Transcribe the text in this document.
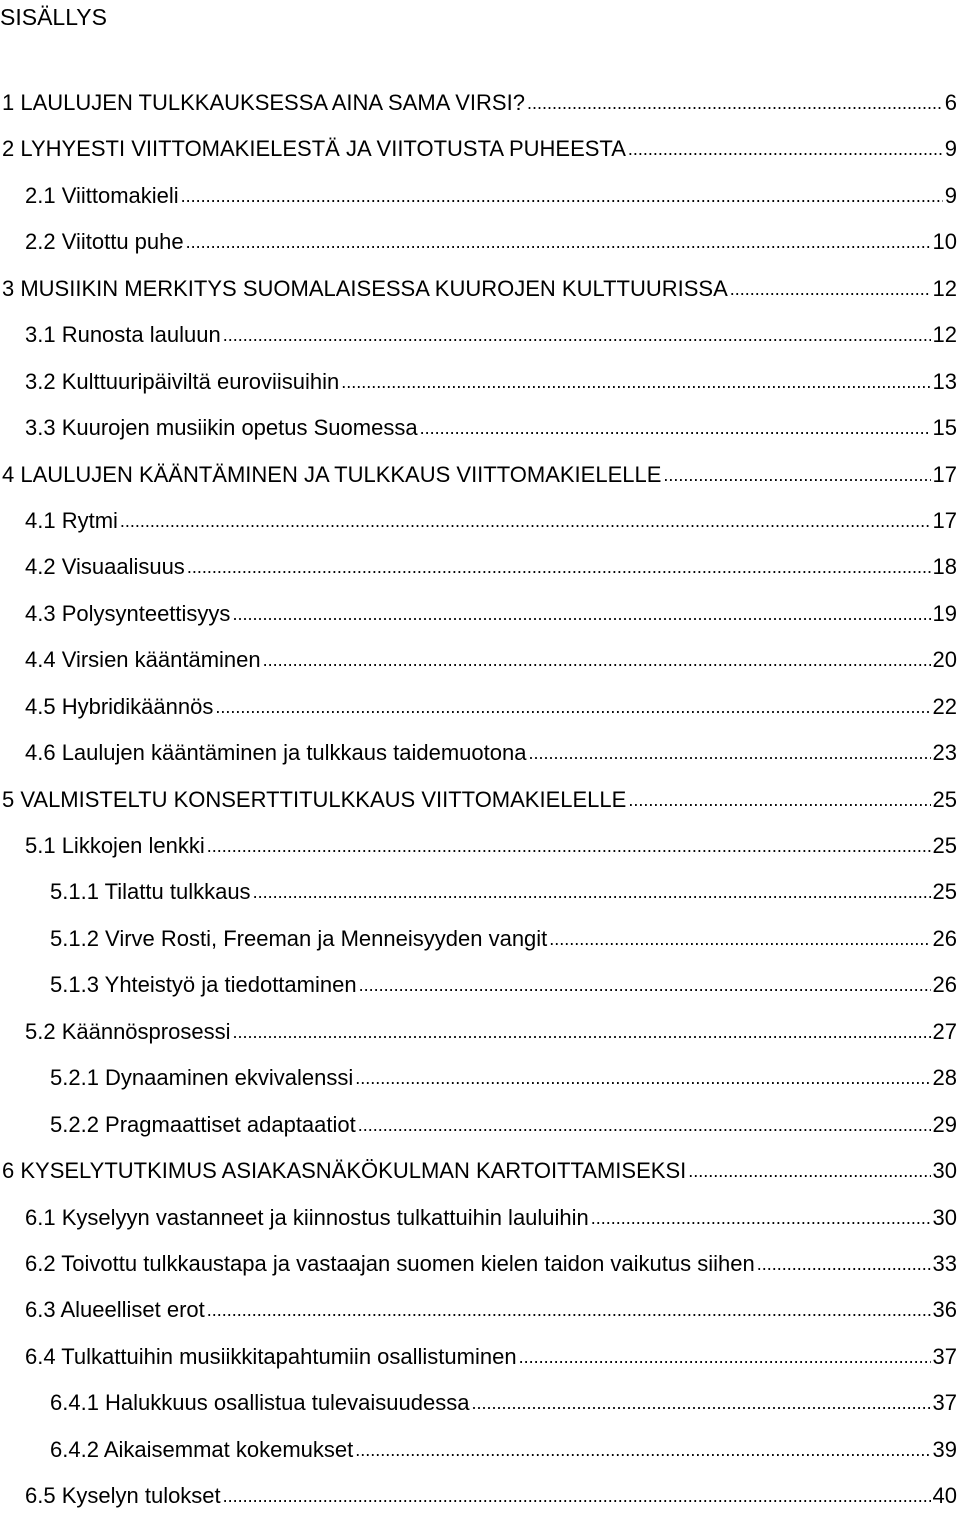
SISÄLLYS
1 LAULUJEN TULKKAUKSESSA AINA SAMA VIRSI? .....	6
2 LYHYESTI VIITTOMAKIELESTÄ JA VIITOTUSTA PUHEESTA .....	9
2.1 Viittomakieli .....	9
2.2 Viitottu puhe .....	10
3 MUSIIKIN MERKITYS SUOMALAISESSA KUUROJEN KULTTUURISSA .....	12
3.1 Runosta lauluun .....	12
3.2 Kulttuuripäiviltä euroviisuihin .....	13
3.3 Kuurojen musiikin opetus Suomessa .....	15
4 LAULUJEN KÄÄNTÄMINEN JA TULKKAUS VIITTOMAKIELELLE .....	17
4.1 Rytmi .....	17
4.2 Visuaalisuus .....	18
4.3 Polysynteettisyys .....	19
4.4 Virsien kääntäminen .....	20
4.5 Hybridikäännös .....	22
4.6 Laulujen kääntäminen ja tulkkaus taidemuotona .....	23
5 VALMISTELTU KONSERTTITULKKAUS VIITTOMAKIELELLE .....	25
5.1 Likkojen lenkki .....	25
5.1.1 Tilattu tulkkaus .....	25
5.1.2 Virve Rosti, Freeman ja Menneisyyden vangit .....	26
5.1.3 Yhteistyö ja tiedottaminen .....	26
5.2 Käännösprosessi .....	27
5.2.1 Dynaaminen ekvivalenssi .....	28
5.2.2 Pragmaattiset adaptaatiot .....	29
6 KYSELYTUTKIMUS ASIAKASNÄKÖKULMAN KARTOITTAMISEKSI .....	30
6.1 Kyselyyn vastanneet ja kiinnostus tulkattuihin lauluihin .....	30
6.2 Toivottu tulkkaustapa ja vastaajan suomen kielen taidon vaikutus siihen .....	33
6.3 Alueelliset erot .....	36
6.4 Tulkattuihin musiikkitapahtumiin osallistuminen .....	37
6.4.1 Halukkuus osallistua tulevaisuudessa .....	37
6.4.2 Aikaisemmat kokemukset .....	39
6.5 Kyselyn tulokset .....	40
